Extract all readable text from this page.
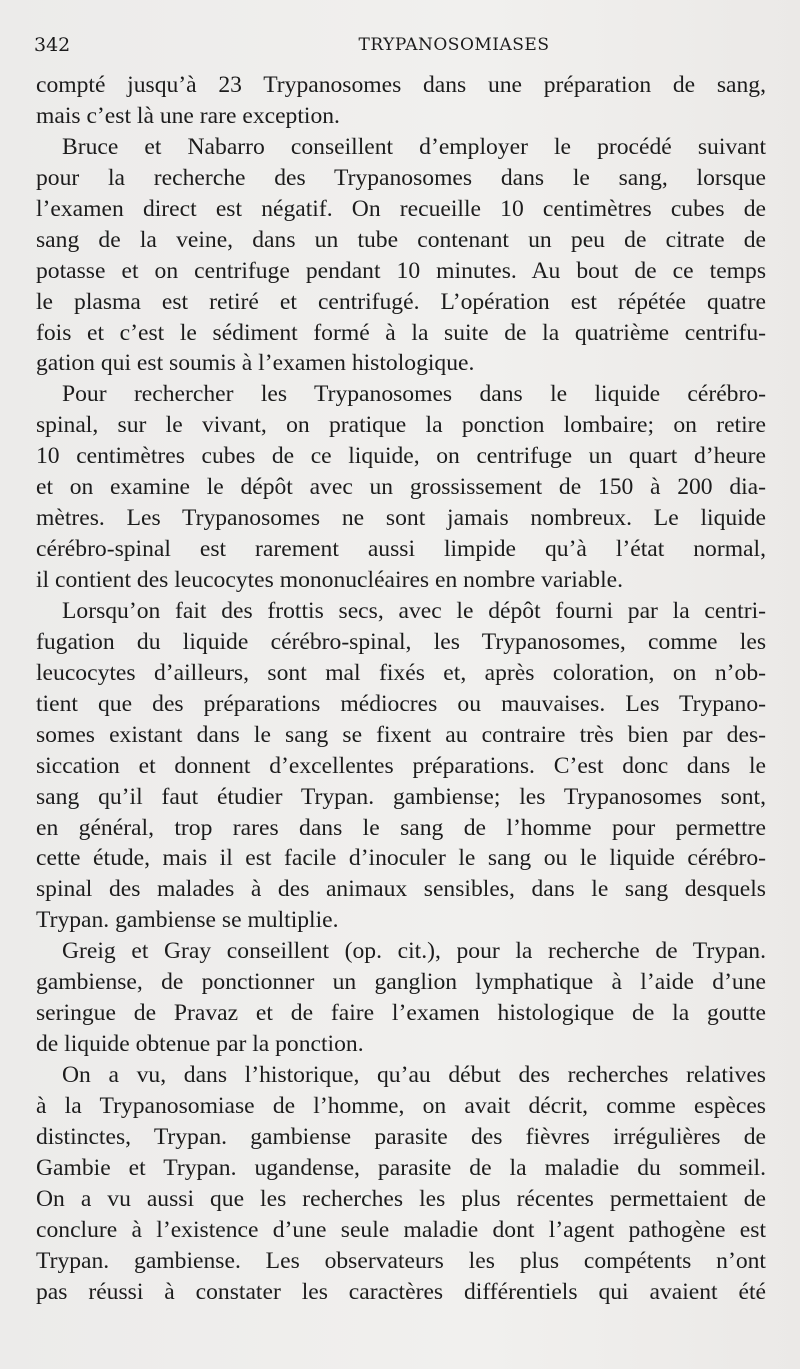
342	TRYPANOSOMIASES
compté jusqu’à 23 Trypanosomes dans une préparation de sang,
mais c’est là une rare exception.
Bruce et Nabarro conseillent d’employer le procédé suivant
pour la recherche des Trypanosomes dans le sang, lorsque
l’examen direct est négatif. On recueille 10 centimètres cubes de
sang de la veine, dans un tube contenant un peu de citrate de
potasse et on centrifuge pendant 10 minutes. Au bout de ce temps
le plasma est retiré et centrifugé. L’opération est répétée quatre
fois et c’est le sédiment formé à la suite de la quatrième centrifu-
gation qui est soumis à l’examen histologique.
Pour rechercher les Trypanosomes dans le liquide cérébro-
spinal, sur le vivant, on pratique la ponction lombaire; on retire
10 centimètres cubes de ce liquide, on centrifuge un quart d’heure
et on examine le dépôt avec un grossissement de 150 à 200 dia-
mètres. Les Trypanosomes ne sont jamais nombreux. Le liquide
cérébro-spinal est rarement aussi limpide qu’à l’état normal,
il contient des leucocytes mononucléaires en nombre variable.
Lorsqu’on fait des frottis secs, avec le dépôt fourni par la centri-
fugation du liquide cérébro-spinal, les Trypanosomes, comme les
leucocytes d’ailleurs, sont mal fixés et, après coloration, on n’ob-
tient que des préparations médiocres ou mauvaises. Les Trypano-
somes existant dans le sang se fixent au contraire très bien par des-
siccation et donnent d’excellentes préparations. C’est donc dans le
sang qu’il faut étudier Trypan. gambiense; les Trypanosomes sont,
en général, trop rares dans le sang de l’homme pour permettre
cette étude, mais il est facile d’inoculer le sang ou le liquide cérébro-
spinal des malades à des animaux sensibles, dans le sang desquels
Trypan. gambiense se multiplie.
Greig et Gray conseillent (op. cit.), pour la recherche de Trypan.
gambiense, de ponctionner un ganglion lymphatique à l’aide d’une
seringue de Pravaz et de faire l’examen histologique de la goutte
de liquide obtenue par la ponction.
On a vu, dans l’historique, qu’au début des recherches relatives
à la Trypanosomiase de l’homme, on avait décrit, comme espèces
distinctes, Trypan. gambiense parasite des fièvres irrégulières de
Gambie et Trypan. ugandense, parasite de la maladie du sommeil.
On a vu aussi que les recherches les plus récentes permettaient de
conclure à l’existence d’une seule maladie dont l’agent pathogène est
Trypan. gambiense. Les observateurs les plus compétents n’ont
pas réussi à constater les caractères différentiels qui avaient été
